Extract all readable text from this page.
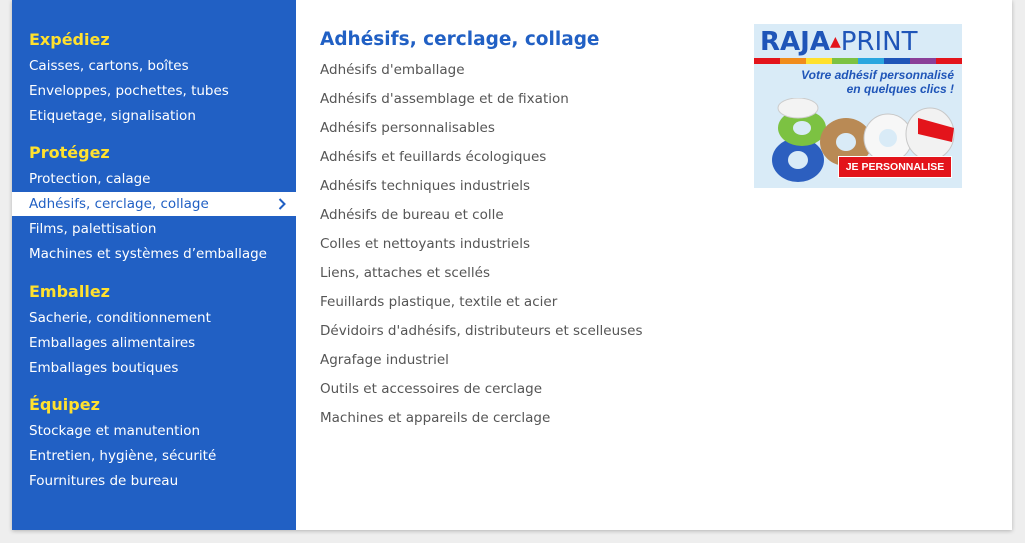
Expédiez
Caisses, cartons, boîtes
Enveloppes, pochettes, tubes
Etiquetage, signalisation
Protégez
Protection, calage
Adhésifs, cerclage, collage
Films, palettisation
Machines et systèmes d’emballage
Emballez
Sacherie, conditionnement
Emballages alimentaires
Emballages boutiques
Équipez
Stockage et manutention
Entretien, hygiène, sécurité
Fournitures de bureau
Adhésifs, cerclage, collage
Adhésifs d'emballage
Adhésifs d'assemblage et de fixation
Adhésifs personnalisables
Adhésifs et feuillards écologiques
Adhésifs techniques industriels
Adhésifs de bureau et colle
Colles et nettoyants industriels
Liens, attaches et scellés
Feuillards plastique, textile et acier
Dévidoirs d'adhésifs, distributeurs et scelleuses
Agrafage industriel
Outils et accessoires de cerclage
Machines et appareils de cerclage
RAJA▲PRINT
Votre adhésif personnalisé
en quelques clics !
JE PERSONNALISE
